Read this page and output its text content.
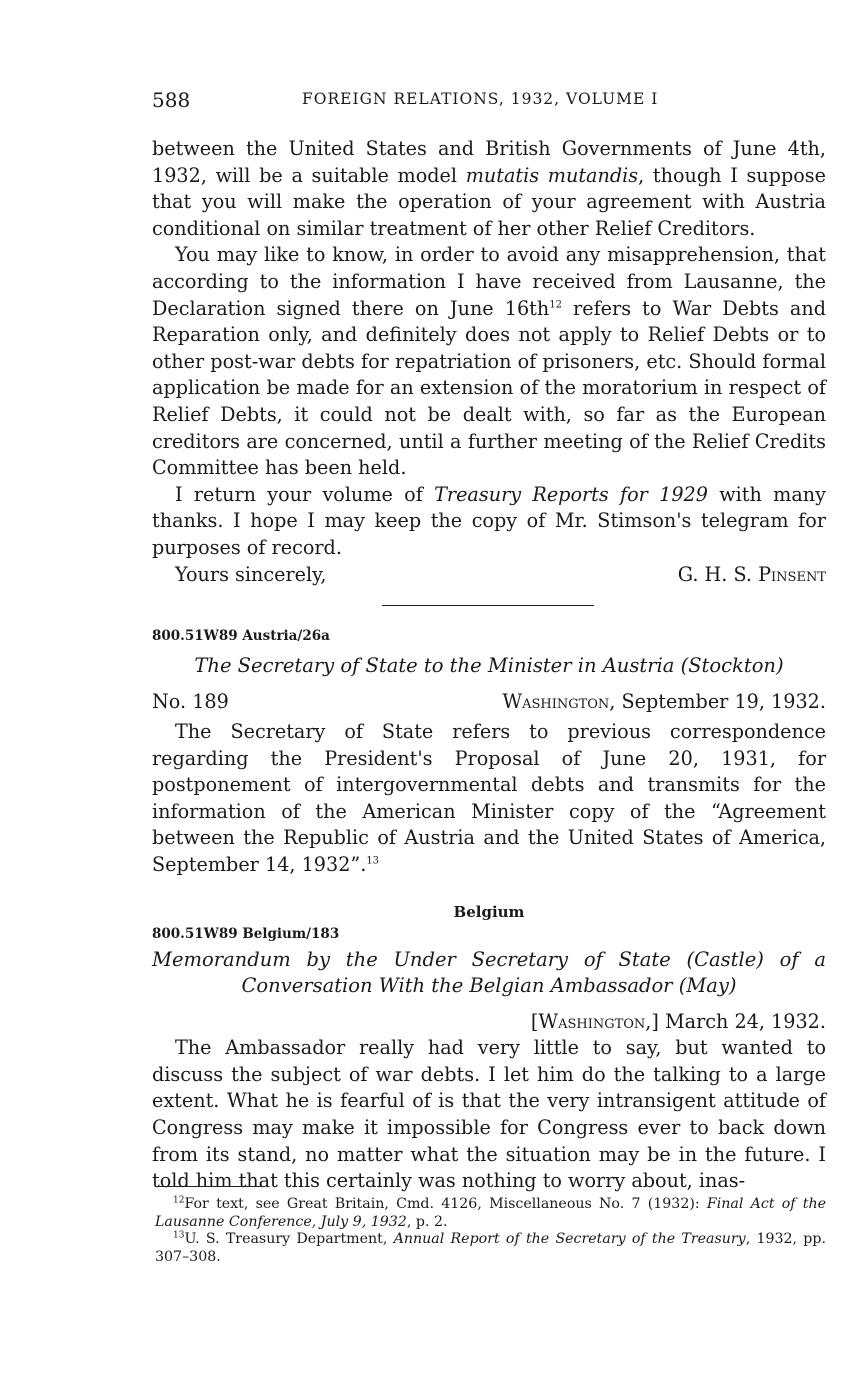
588	FOREIGN RELATIONS, 1932, VOLUME I

between the United States and British Governments of June 4th, 1932, will be a suitable model mutatis mutandis, though I suppose that you will make the operation of your agreement with Austria conditional on similar treatment of her other Relief Creditors.

You may like to know, in order to avoid any misapprehension, that according to the information I have received from Lausanne, the Declaration signed there on June $16th^{12}$ refers to War Debts and Reparation only, and definitely does not apply to Relief Debts or to other post-war debts for repatriation of prisoners, etc. Should formal application be made for an extension of the moratorium in respect of Relief Debts, it could not be dealt with, so far as the European creditors are concerned, until a further meeting of the Relief Credits Committee has been held.

I return your volume of Treasury Reports for 1929 with many thanks. I hope I may keep the copy of Mr. Stimson's telegram for purposes of record.

Yours sincerely,	G. H. S. Pinsent
800.51W89 Austria/26a

The Secretary of State to the Minister in Austria (Stockton)

No. 189	Washington, September 19, 1932.

The Secretary of State refers to previous correspondence regarding the President's Proposal of June 20, 1931, for postponement of intergovernmental debts and transmits for the information of the American Minister copy of the “Agreement between the Republic of Austria and the United States of America, September 14, 1932”.$^{13}$

Belgium
800.51W89 Belgium/183
Memorandum by the Under Secretary of State (Castle) of a
Conversation With the Belgian Ambassador (May)

[Washington,] March 24, 1932.

The Ambassador really had very little to say, but wanted to discuss the subject of war debts. I let him do the talking to a large extent. What he is fearful of is that the very intransigent attitude of Congress may make it impossible for Congress ever to back down from its stand, no matter what the situation may be in the future. I told him that this certainly was nothing to worry about, inas-

$^{12}$For text, see Great Britain, Cmd. 4126, Miscellaneous No. 7 (1932): Final Act of the Lausanne Conference, July 9, 1932, p. 2.

$^{13}$U. S. Treasury Department, Annual Report of the Secretary of the Treasury, 1932, pp. 307–308.
